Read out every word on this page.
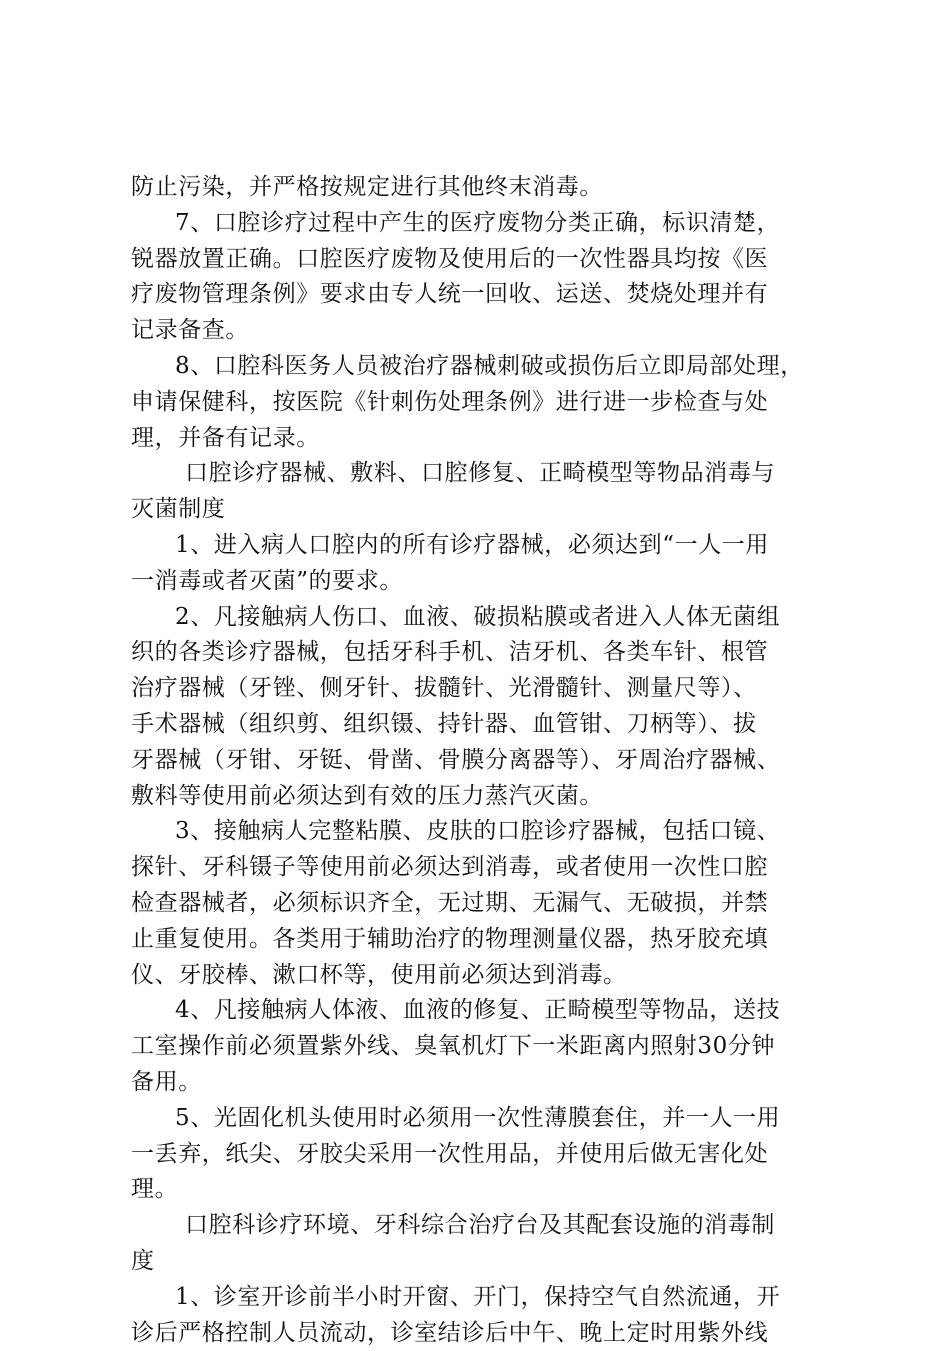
防止污染，并严格按规定进行其他终末消毒。
7、口腔诊疗过程中产生的医疗废物分类正确，标识清楚，
锐器放置正确。口腔医疗废物及使用后的一次性器具均按《医
疗废物管理条例》要求由专人统一回收、运送、焚烧处理并有
记录备查。
8、口腔科医务人员被治疗器械刺破或损伤后立即局部处理，
申请保健科，按医院《针刺伤处理条例》进行进一步检查与处
理，并备有记录。
口腔诊疗器械、敷料、口腔修复、正畸模型等物品消毒与
灭菌制度
1、进入病人口腔内的所有诊疗器械，必须达到“一人一用
一消毒或者灭菌”的要求。
2、凡接触病人伤口、血液、破损粘膜或者进入人体无菌组
织的各类诊疗器械，包括牙科手机、洁牙机、各类车针、根管
治疗器械（牙锉、侧牙针、拔髓针、光滑髓针、测量尺等）、
手术器械（组织剪、组织镊、持针器、血管钳、刀柄等）、拔
牙器械（牙钳、牙铤、骨凿、骨膜分离器等）、牙周治疗器械、
敷料等使用前必须达到有效的压力蒸汽灭菌。
3、接触病人完整粘膜、皮肤的口腔诊疗器械，包括口镜、
探针、牙科镊子等使用前必须达到消毒，或者使用一次性口腔
检查器械者，必须标识齐全，无过期、无漏气、无破损，并禁
止重复使用。各类用于辅助治疗的物理测量仪器，热牙胶充填
仪、牙胶棒、漱口杯等，使用前必须达到消毒。
4、凡接触病人体液、血液的修复、正畸模型等物品，送技
工室操作前必须置紫外线、臭氧机灯下一米距离内照射30分钟
备用。
5、光固化机头使用时必须用一次性薄膜套住，并一人一用
一丢弃，纸尖、牙胶尖采用一次性用品，并使用后做无害化处
理。
口腔科诊疗环境、牙科综合治疗台及其配套设施的消毒制
度
1、诊室开诊前半小时开窗、开门，保持空气自然流通，开
诊后严格控制人员流动，诊室结诊后中午、晚上定时用紫外线
